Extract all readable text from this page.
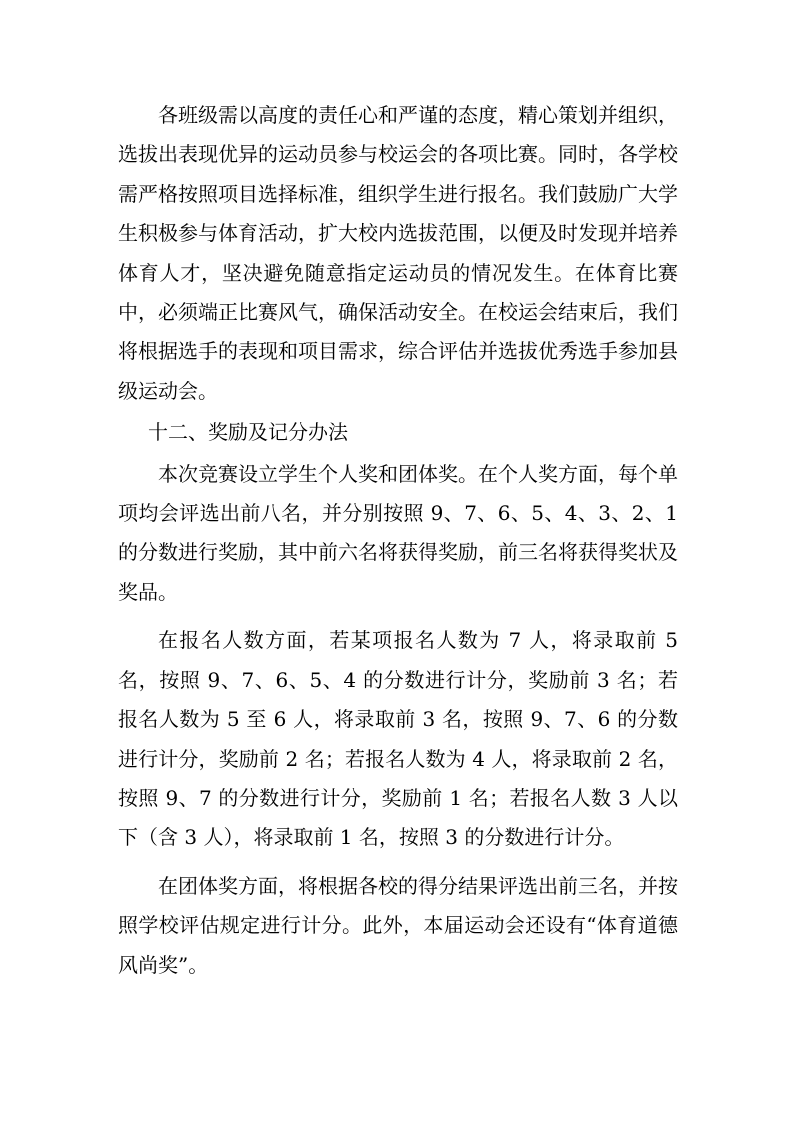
各班级需以高度的责任心和严谨的态度，精心策划并组织，选拔出表现优异的运动员参与校运会的各项比赛。同时，各学校需严格按照项目选择标准，组织学生进行报名。我们鼓励广大学生积极参与体育活动，扩大校内选拔范围，以便及时发现并培养体育人才，坚决避免随意指定运动员的情况发生。在体育比赛中，必须端正比赛风气，确保活动安全。在校运会结束后，我们将根据选手的表现和项目需求，综合评估并选拔优秀选手参加县级运动会。

十二、奖励及记分办法

本次竞赛设立学生个人奖和团体奖。在个人奖方面，每个单项均会评选出前八名，并分别按照 9、7、6、5、4、3、2、1 的分数进行奖励，其中前六名将获得奖励，前三名将获得奖状及奖品。

在报名人数方面，若某项报名人数为 7 人，将录取前 5 名，按照 9、7、6、5、4 的分数进行计分，奖励前 3 名；若报名人数为 5 至 6 人，将录取前 3 名，按照 9、7、6 的分数进行计分，奖励前 2 名；若报名人数为 4 人，将录取前 2 名，按照 9、7 的分数进行计分，奖励前 1 名；若报名人数 3 人以下（含 3 人），将录取前 1 名，按照 3 的分数进行计分。

在团体奖方面，将根据各校的得分结果评选出前三名，并按照学校评估规定进行计分。此外，本届运动会还设有“体育道德风尚奖”。
